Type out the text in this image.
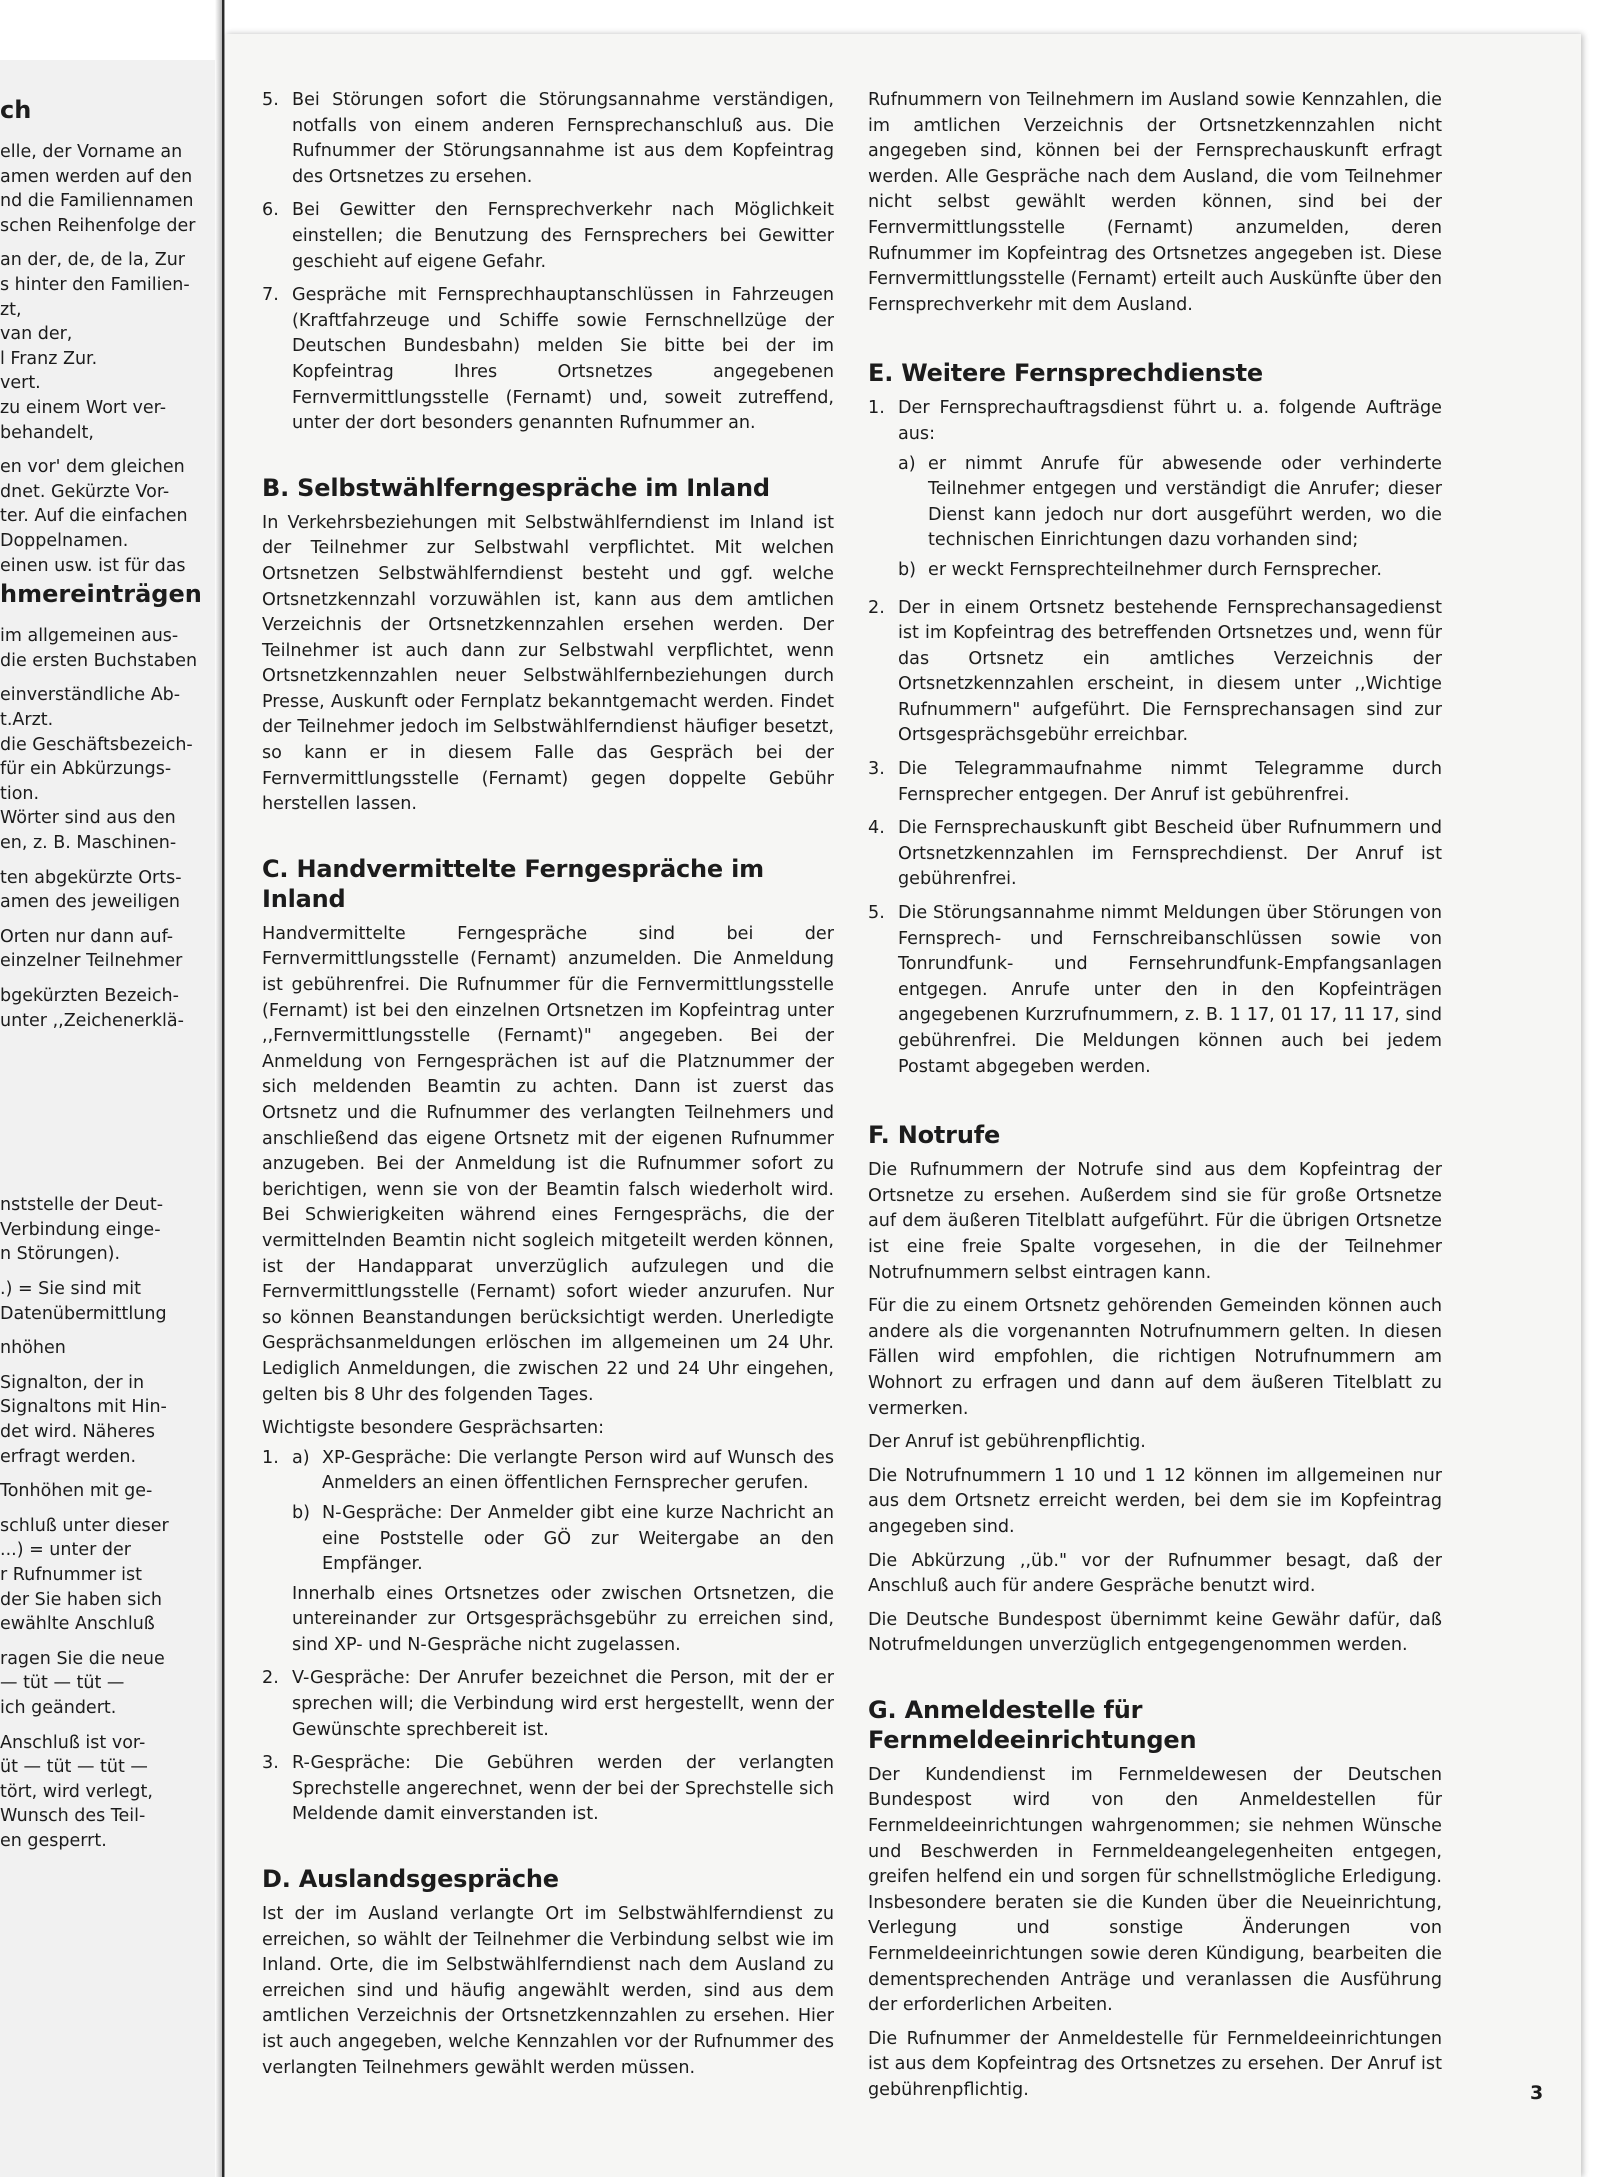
ch
elle, der Vorname an
amen werden auf den
nd die Familiennamen
schen Reihenfolge der
an der, de, de la, Zur
s hinter den Familien-
zt,
van der,
l Franz Zur.
vert.
zu einem Wort ver-
behandelt,
en vor' dem gleichen
dnet. Gekürzte Vor-
ter. Auf die einfachen
Doppelnamen.
einen usw. ist für das
hmereinträgen
im allgemeinen aus-
die ersten Buchstaben
einverständliche Ab-
t.Arzt.
die Geschäftsbezeich-
für ein Abkürzungs-
tion.
Wörter sind aus den
en, z. B. Maschinen-
ten abgekürzte Orts-
amen des jeweiligen
Orten nur dann auf-
einzelner Teilnehmer
bgekürzten Bezeich-
unter ,,Zeichenerklä-
nststelle der Deut-
Verbindung einge-
n Störungen).
.) = Sie sind mit
Datenübermittlung
nhöhen
Signalton, der in
Signaltons mit Hin-
det wird. Näheres
erfragt werden.
Tonhöhen mit ge-
schluß unter dieser
...) = unter der
r Rufnummer ist
der Sie haben sich
ewählte Anschluß
ragen Sie die neue
— tüt — tüt —
ich geändert.
Anschluß ist vor-
üt — tüt — tüt —
tört, wird verlegt,
Wunsch des Teil-
en gesperrt.
5. Bei Störungen sofort die Störungsannahme verständigen, notfalls von einem anderen Fernsprechanschluß aus. Die Rufnummer der Störungsannahme ist aus dem Kopfeintrag des Ortsnetzes zu ersehen.
6. Bei Gewitter den Fernsprechverkehr nach Möglichkeit einstellen; die Benutzung des Fernsprechers bei Gewitter geschieht auf eigene Gefahr.
7. Gespräche mit Fernsprechhauptanschlüssen in Fahrzeugen (Kraftfahrzeuge und Schiffe sowie Fernschnellzüge der Deutschen Bundesbahn) melden Sie bitte bei der im Kopfeintrag Ihres Ortsnetzes angegebenen Fernvermittlungsstelle (Fernamt) und, soweit zutreffend, unter der dort besonders genannten Rufnummer an.
B. Selbstwählferngespräche im Inland

In Verkehrsbeziehungen mit Selbstwählferndienst im Inland ist der Teilnehmer zur Selbstwahl verpflichtet. Mit welchen Ortsnetzen Selbstwählferndienst besteht und ggf. welche Ortsnetzkennzahl vorzuwählen ist, kann aus dem amtlichen Verzeichnis der Ortsnetzkennzahlen ersehen werden. Der Teilnehmer ist auch dann zur Selbstwahl verpflichtet, wenn Ortsnetzkennzahlen neuer Selbstwählfernbeziehungen durch Presse, Auskunft oder Fernplatz bekanntgemacht werden. Findet der Teilnehmer jedoch im Selbstwählferndienst häufiger besetzt, so kann er in diesem Falle das Gespräch bei der Fernvermittlungsstelle (Fernamt) gegen doppelte Gebühr herstellen lassen.

C. Handvermittelte Ferngespräche im Inland

Handvermittelte Ferngespräche sind bei der Fernvermittlungsstelle (Fernamt) anzumelden. Die Anmeldung ist gebührenfrei. Die Rufnummer für die Fernvermittlungsstelle (Fernamt) ist bei den einzelnen Ortsnetzen im Kopfeintrag unter ,,Fernvermittlungsstelle (Fernamt)" angegeben. Bei der Anmeldung von Ferngesprächen ist auf die Platznummer der sich meldenden Beamtin zu achten. Dann ist zuerst das Ortsnetz und die Rufnummer des verlangten Teilnehmers und anschließend das eigene Ortsnetz mit der eigenen Rufnummer anzugeben. Bei der Anmeldung ist die Rufnummer sofort zu berichtigen, wenn sie von der Beamtin falsch wiederholt wird. Bei Schwierigkeiten während eines Ferngesprächs, die der vermittelnden Beamtin nicht sogleich mitgeteilt werden können, ist der Handapparat unverzüglich aufzulegen und die Fernvermittlungsstelle (Fernamt) sofort wieder anzurufen. Nur so können Beanstandungen berücksichtigt werden. Unerledigte Gesprächsanmeldungen erlöschen im allgemeinen um 24 Uhr. Lediglich Anmeldungen, die zwischen 22 und 24 Uhr eingehen, gelten bis 8 Uhr des folgenden Tages.

Wichtigste besondere Gesprächsarten:

1. a) XP-Gespräche: Die verlangte Person wird auf Wunsch des Anmelders an einen öffentlichen Fernsprecher gerufen.
b) N-Gespräche: Der Anmelder gibt eine kurze Nachricht an eine Poststelle oder GÖ zur Weitergabe an den Empfänger.
Innerhalb eines Ortsnetzes oder zwischen Ortsnetzen, die untereinander zur Ortsgesprächsgebühr zu erreichen sind, sind XP- und N-Gespräche nicht zugelassen.
2. V-Gespräche: Der Anrufer bezeichnet die Person, mit der er sprechen will; die Verbindung wird erst hergestellt, wenn der Gewünschte sprechbereit ist.
3. R-Gespräche: Die Gebühren werden der verlangten Sprechstelle angerechnet, wenn der bei der Sprechstelle sich Meldende damit einverstanden ist.
D. Auslandsgespräche

Ist der im Ausland verlangte Ort im Selbstwählferndienst zu erreichen, so wählt der Teilnehmer die Verbindung selbst wie im Inland. Orte, die im Selbstwählferndienst nach dem Ausland zu erreichen sind und häufig angewählt werden, sind aus dem amtlichen Verzeichnis der Ortsnetzkennzahlen zu ersehen. Hier ist auch angegeben, welche Kennzahlen vor der Rufnummer des verlangten Teilnehmers gewählt werden müssen.

Rufnummern von Teilnehmern im Ausland sowie Kennzahlen, die im amtlichen Verzeichnis der Ortsnetzkennzahlen nicht angegeben sind, können bei der Fernsprechauskunft erfragt werden. Alle Gespräche nach dem Ausland, die vom Teilnehmer nicht selbst gewählt werden können, sind bei der Fernvermittlungsstelle (Fernamt) anzumelden, deren Rufnummer im Kopfeintrag des Ortsnetzes angegeben ist. Diese Fernvermittlungsstelle (Fernamt) erteilt auch Auskünfte über den Fernsprechverkehr mit dem Ausland.

E. Weitere Fernsprechdienste
1. Der Fernsprechauftragsdienst führt u. a. folgende Aufträge aus:
a) er nimmt Anrufe für abwesende oder verhinderte Teilnehmer entgegen und verständigt die Anrufer; dieser Dienst kann jedoch nur dort ausgeführt werden, wo die technischen Einrichtungen dazu vorhanden sind;
b) er weckt Fernsprechteilnehmer durch Fernsprecher.
2. Der in einem Ortsnetz bestehende Fernsprechansagedienst ist im Kopfeintrag des betreffenden Ortsnetzes und, wenn für das Ortsnetz ein amtliches Verzeichnis der Ortsnetzkennzahlen erscheint, in diesem unter ,,Wichtige Rufnummern" aufgeführt. Die Fernsprechansagen sind zur Ortsgesprächsgebühr erreichbar.
3. Die Telegrammaufnahme nimmt Telegramme durch Fernsprecher entgegen. Der Anruf ist gebührenfrei.
4. Die Fernsprechauskunft gibt Bescheid über Rufnummern und Ortsnetzkennzahlen im Fernsprechdienst. Der Anruf ist gebührenfrei.
5. Die Störungsannahme nimmt Meldungen über Störungen von Fernsprech- und Fernschreibanschlüssen sowie von Tonrundfunk- und Fernsehrundfunk-Empfangsanlagen entgegen. Anrufe unter den in den Kopfeinträgen angegebenen Kurzrufnummern, z. B. 1 17, 01 17, 11 17, sind gebührenfrei. Die Meldungen können auch bei jedem Postamt abgegeben werden.
F. Notrufe

Die Rufnummern der Notrufe sind aus dem Kopfeintrag der Ortsnetze zu ersehen. Außerdem sind sie für große Ortsnetze auf dem äußeren Titelblatt aufgeführt. Für die übrigen Ortsnetze ist eine freie Spalte vorgesehen, in die der Teilnehmer Notrufnummern selbst eintragen kann.

Für die zu einem Ortsnetz gehörenden Gemeinden können auch andere als die vorgenannten Notrufnummern gelten. In diesen Fällen wird empfohlen, die richtigen Notrufnummern am Wohnort zu erfragen und dann auf dem äußeren Titelblatt zu vermerken.

Der Anruf ist gebührenpflichtig.

Die Notrufnummern 1 10 und 1 12 können im allgemeinen nur aus dem Ortsnetz erreicht werden, bei dem sie im Kopfeintrag angegeben sind.

Die Abkürzung ,,üb." vor der Rufnummer besagt, daß der Anschluß auch für andere Gespräche benutzt wird.

Die Deutsche Bundespost übernimmt keine Gewähr dafür, daß Notrufmeldungen unverzüglich entgegengenommen werden.

G. Anmeldestelle für Fernmeldeeinrichtungen

Der Kundendienst im Fernmeldewesen der Deutschen Bundespost wird von den Anmeldestellen für Fernmeldeeinrichtungen wahrgenommen; sie nehmen Wünsche und Beschwerden in Fernmeldeangelegenheiten entgegen, greifen helfend ein und sorgen für schnellstmögliche Erledigung. Insbesondere beraten sie die Kunden über die Neueinrichtung, Verlegung und sonstige Änderungen von Fernmeldeeinrichtungen sowie deren Kündigung, bearbeiten die dementsprechenden Anträge und veranlassen die Ausführung der erforderlichen Arbeiten.

Die Rufnummer der Anmeldestelle für Fernmeldeeinrichtungen ist aus dem Kopfeintrag des Ortsnetzes zu ersehen. Der Anruf ist gebührenpflichtig.	3
